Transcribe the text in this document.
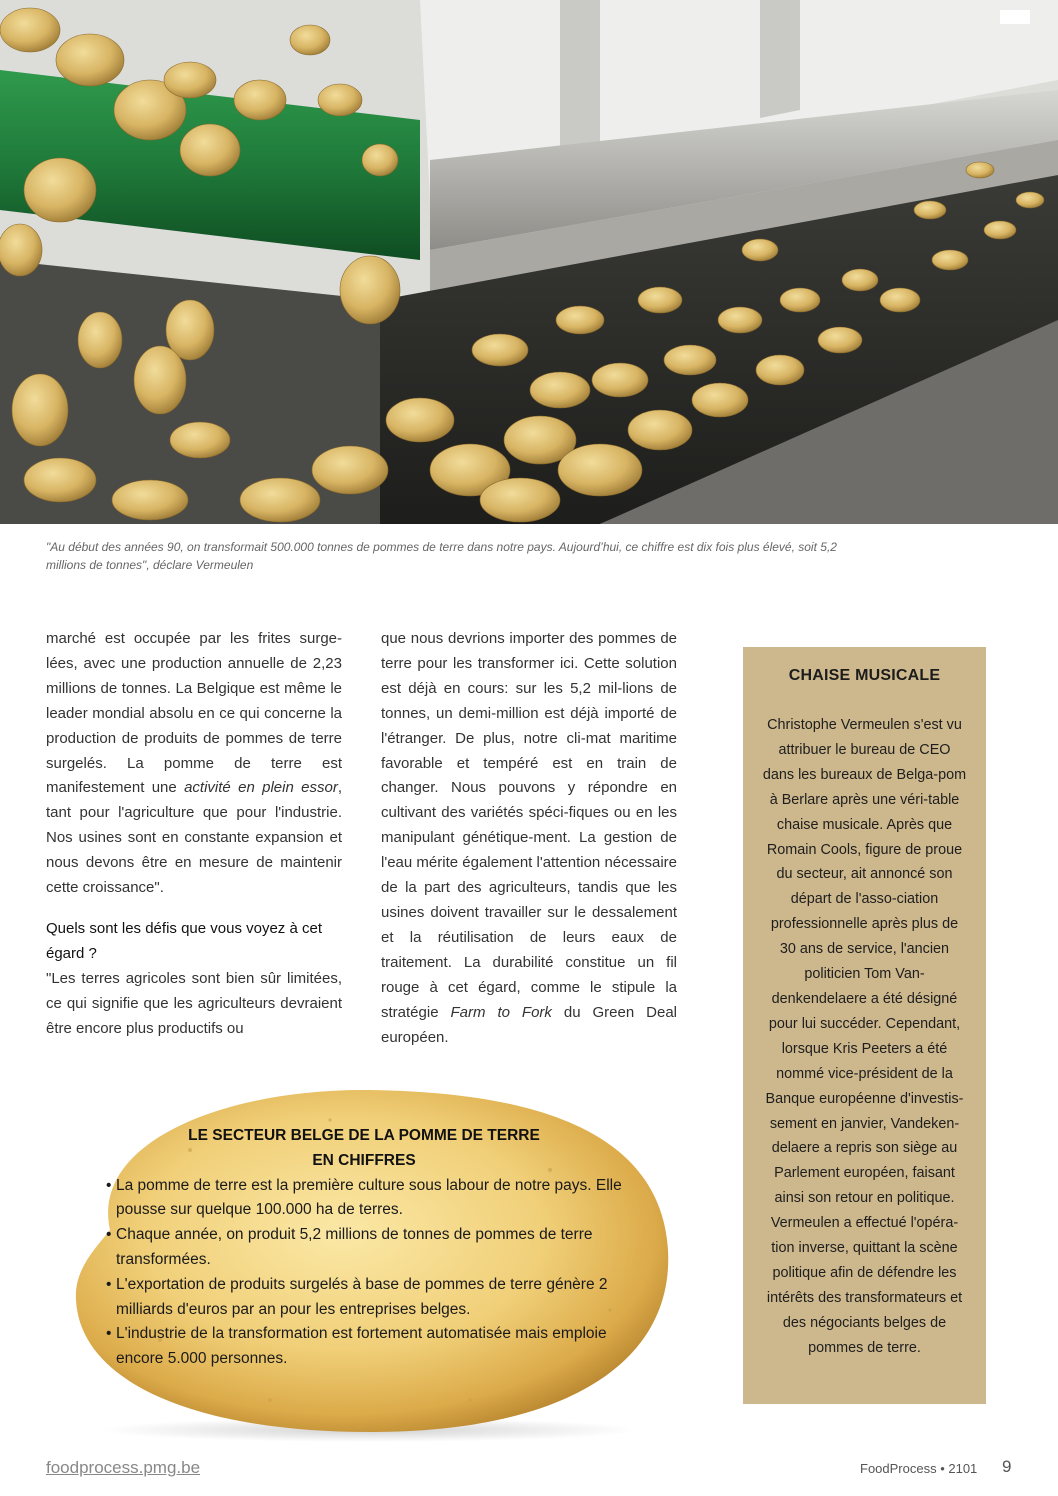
"Au début des années 90, on transformait 500.000 tonnes de pommes de terre dans notre pays. Aujourd’hui, ce chiffre est dix fois plus élevé, soit 5,2 millions de tonnes", déclare Vermeulen

marché est occupée par les frites surge-lées, avec une production annuelle de 2,23 millions de tonnes. La Belgique est même le leader mondial absolu en ce qui concerne la production de produits de pommes de terre surgelés. La pomme de terre est manifestement une activité en plein essor, tant pour l'agriculture que pour l'industrie. Nos usines sont en constante expansion et nous devons être en mesure de maintenir cette croissance".

Quels sont les défis que vous voyez à cet égard ?

"Les terres agricoles sont bien sûr limitées, ce qui signifie que les agriculteurs devraient être encore plus productifs ou

que nous devrions importer des pommes de terre pour les transformer ici. Cette solution est déjà en cours: sur les 5,2 mil-lions de tonnes, un demi-million est déjà importé de l'étranger. De plus, notre cli-mat maritime favorable et tempéré est en train de changer. Nous pouvons y répondre en cultivant des variétés spéci-fiques ou en les manipulant génétique-ment. La gestion de l'eau mérite également l'attention nécessaire de la part des agriculteurs, tandis que les usines doivent travailler sur le dessalement et la réutilisation de leurs eaux de traitement. La durabilité constitue un fil rouge à cet égard, comme le stipule la stratégie Farm to Fork du Green Deal européen.

CHAISE MUSICALE

Christophe Vermeulen s'est vu attribuer le bureau de CEO dans les bureaux de Belga-pom à Berlare après une véri-table chaise musicale. Après que Romain Cools, figure de proue du secteur, ait annoncé son départ de l'asso-ciation professionnelle après plus de 30 ans de service, l'ancien politicien Tom Van-denkendelaere a été désigné pour lui succéder. Cependant, lorsque Kris Peeters a été nommé vice-président de la Banque européenne d'investis-sement en janvier, Vandeken-delaere a repris son siège au Parlement européen, faisant ainsi son retour en politique. Vermeulen a effectué l'opéra-tion inverse, quittant la scène politique afin de défendre les intérêts des transformateurs et des négociants belges de pommes de terre.

LE SECTEUR BELGE DE LA POMME DE TERRE
EN CHIFFRES
• La pomme de terre est la première culture sous labour de notre pays. Elle pousse sur quelque 100.000 ha de terres.
• Chaque année, on produit 5,2 millions de tonnes de pommes de terre transformées.
• L'exportation de produits surgelés à base de pommes de terre génère 2 milliards d'euros par an pour les entreprises belges.
• L'industrie de la transformation est fortement automatisée mais emploie encore 5.000 personnes.
foodprocess.pmg.be	FoodProcess • 2101 9
